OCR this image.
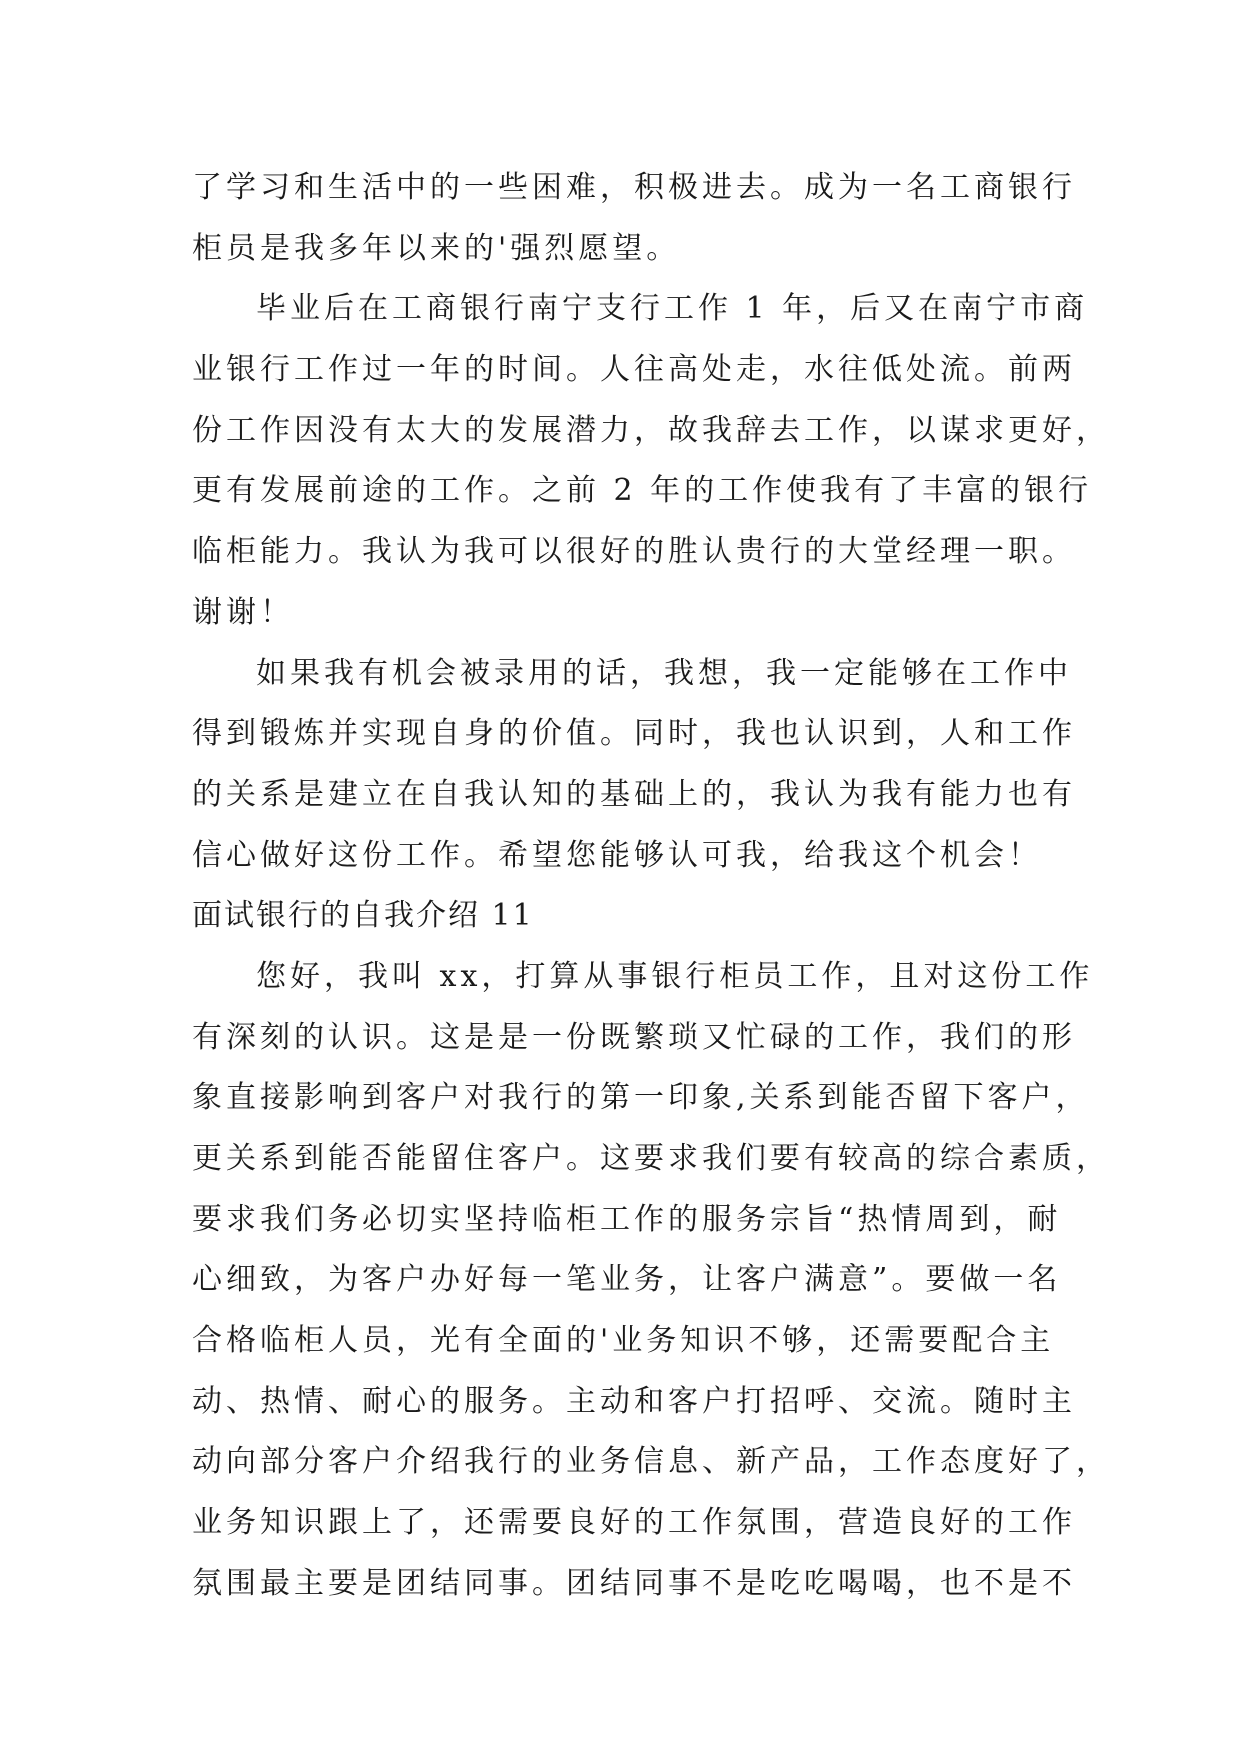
了学习和生活中的一些困难，积极进去。成为一名工商银行
柜员是我多年以来的'强烈愿望。
毕业后在工商银行南宁支行工作 1 年，后又在南宁市商
业银行工作过一年的时间。人往高处走，水往低处流。前两
份工作因没有太大的发展潜力，故我辞去工作，以谋求更好，
更有发展前途的工作。之前 2 年的工作使我有了丰富的银行
临柜能力。我认为我可以很好的胜认贵行的大堂经理一职。
谢谢！
如果我有机会被录用的话，我想，我一定能够在工作中
得到锻炼并实现自身的价值。同时，我也认识到，人和工作
的关系是建立在自我认知的基础上的，我认为我有能力也有
信心做好这份工作。希望您能够认可我，给我这个机会！
面试银行的自我介绍 11
您好，我叫 xx，打算从事银行柜员工作，且对这份工作
有深刻的认识。这是是一份既繁琐又忙碌的工作，我们的形
象直接影响到客户对我行的第一印象,关系到能否留下客户，
更关系到能否能留住客户。这要求我们要有较高的综合素质，
要求我们务必切实坚持临柜工作的服务宗旨“热情周到，耐
心细致，为客户办好每一笔业务，让客户满意”。要做一名
合格临柜人员，光有全面的'业务知识不够，还需要配合主
动、热情、耐心的服务。主动和客户打招呼、交流。随时主
动向部分客户介绍我行的业务信息、新产品，工作态度好了，
业务知识跟上了，还需要良好的工作氛围，营造良好的工作
氛围最主要是团结同事。团结同事不是吃吃喝喝，也不是不
